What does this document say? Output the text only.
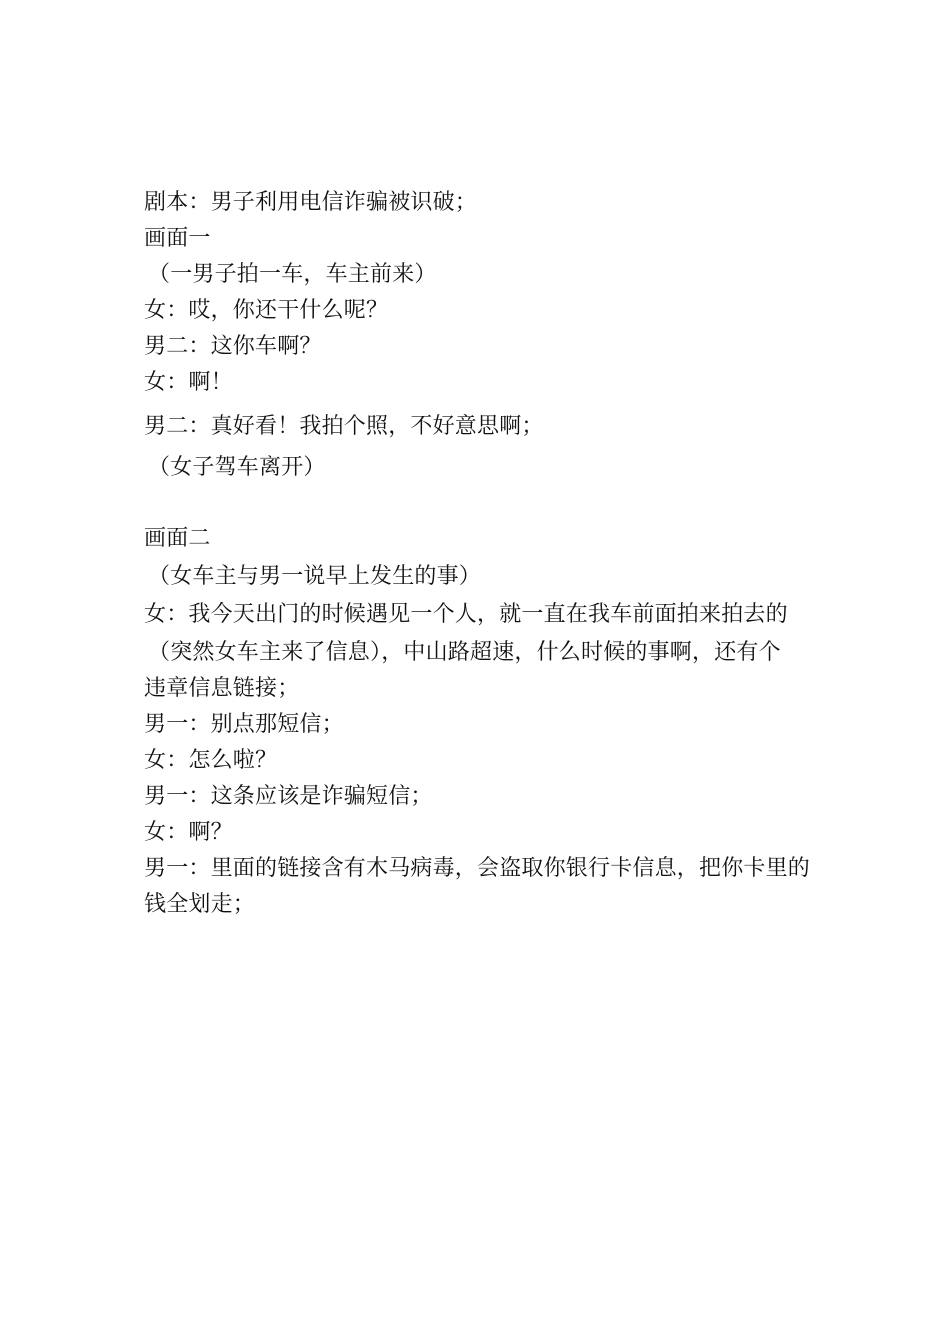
剧本：男子利用电信诈骗被识破；
画面一
（一男子拍一车，车主前来）
女：哎，你还干什么呢？
男二：这你车啊？
女：啊！
男二：真好看！我拍个照，不好意思啊；
（女子驾车离开）
画面二
（女车主与男一说早上发生的事）
女：我今天出门的时候遇见一个人，就一直在我车前面拍来拍去的
（突然女车主来了信息），中山路超速，什么时候的事啊，还有个
违章信息链接；
男一：别点那短信；
女：怎么啦？
男一：这条应该是诈骗短信；
女：啊？
男一：里面的链接含有木马病毒，会盗取你银行卡信息，把你卡里的
钱全划走；
